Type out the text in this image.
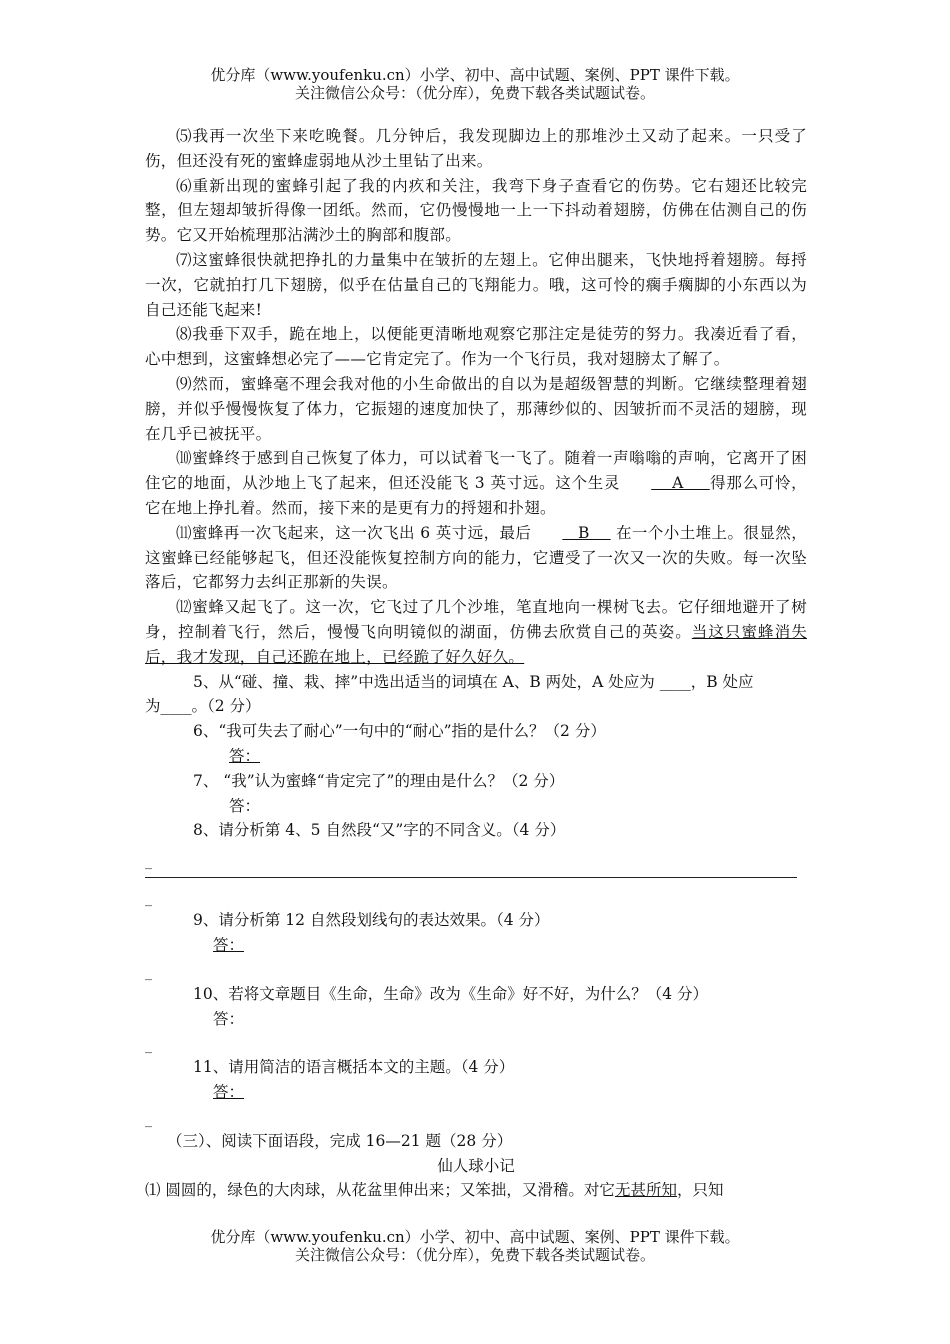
优分库（www.youfenku.cn）小学、初中、高中试题、案例、PPT 课件下载。
关注微信公众号：（优分库），免费下载各类试题试卷。

⑸我再一次坐下来吃晚餐。几分钟后，我发现脚边上的那堆沙土又动了起来。一只受了伤，但还没有死的蜜蜂虚弱地从沙土里钻了出来。

⑹重新出现的蜜蜂引起了我的内疚和关注，我弯下身子查看它的伤势。它右翅还比较完整，但左翅却皱折得像一团纸。然而，它仍慢慢地一上一下抖动着翅膀，仿佛在估测自己的伤势。它又开始梳理那沾满沙土的胸部和腹部。

⑺这蜜蜂很快就把挣扎的力量集中在皱折的左翅上。它伸出腿来，飞快地捋着翅膀。每捋一次，它就拍打几下翅膀，似乎在估量自己的飞翔能力。哦，这可怜的瘸手瘸脚的小东西以为自己还能飞起来!

⑻我垂下双手，跪在地上，以便能更清晰地观察它那注定是徒劳的努力。我凑近看了看，心中想到，这蜜蜂想必完了——它肯定完了。作为一个飞行员，我对翅膀太了解了。

⑼然而，蜜蜂毫不理会我对他的小生命做出的自以为是超级智慧的判断。它继续整理着翅膀，并似乎慢慢恢复了体力，它振翅的速度加快了，那薄纱似的、因皱折而不灵活的翅膀，现在几乎已被抚平。

⑽蜜蜂终于感到自己恢复了体力，可以试着飞一飞了。随着一声嗡嗡的声响，它离开了困住它的地面，从沙地上飞了起来，但还没能飞 3 英寸远。这个生灵    A     得那么可怜，它在地上挣扎着。然而，接下来的是更有力的捋翅和扑翅。

⑾蜜蜂再一次飞起来，这一次飞出 6 英寸远，最后   B     在一个小土堆上。很显然，这蜜蜂已经能够起飞，但还没能恢复控制方向的能力，它遭受了一次又一次的失败。每一次坠落后，它都努力去纠正那新的失误。

⑿蜜蜂又起飞了。这一次，它飞过了几个沙堆，笔直地向一棵树飞去。它仔细地避开了树身，控制着飞行，然后，慢慢飞向明镜似的湖面，仿佛去欣赏自己的英姿。当这只蜜蜂消失后，我才发现，自己还跪在地上，已经跪了好久好久。

5、从“碰、撞、栽、摔”中选出适当的词填在 A、B 两处，A 处应为 ____，B 处应

为____。（2 分）

6、“我可失去了耐心”一句中的“耐心”指的是什么？（2 分）

答：

7、 “我”认为蜜蜂“肯定完了”的理由是什么？（2 分）

答：

8、请分析第 4、5 自然段“又”字的不同含义。（4 分）

_

_

9、请分析第 12 自然段划线句的表达效果。（4 分）

答：

_

10、若将文章题目《生命，生命》改为《生命》好不好，为什么？（4 分）

答：

_

11、请用简洁的语言概括本文的主题。（4 分）

答：

_

（三）、阅读下面语段，完成 16—21 题（28 分）

仙人球小记

⑴ 圆圆的，绿色的大肉球，从花盆里伸出来；又笨拙，又滑稽。对它无甚所知，只知

优分库（www.youfenku.cn）小学、初中、高中试题、案例、PPT 课件下载。
关注微信公众号：（优分库），免费下载各类试题试卷。
